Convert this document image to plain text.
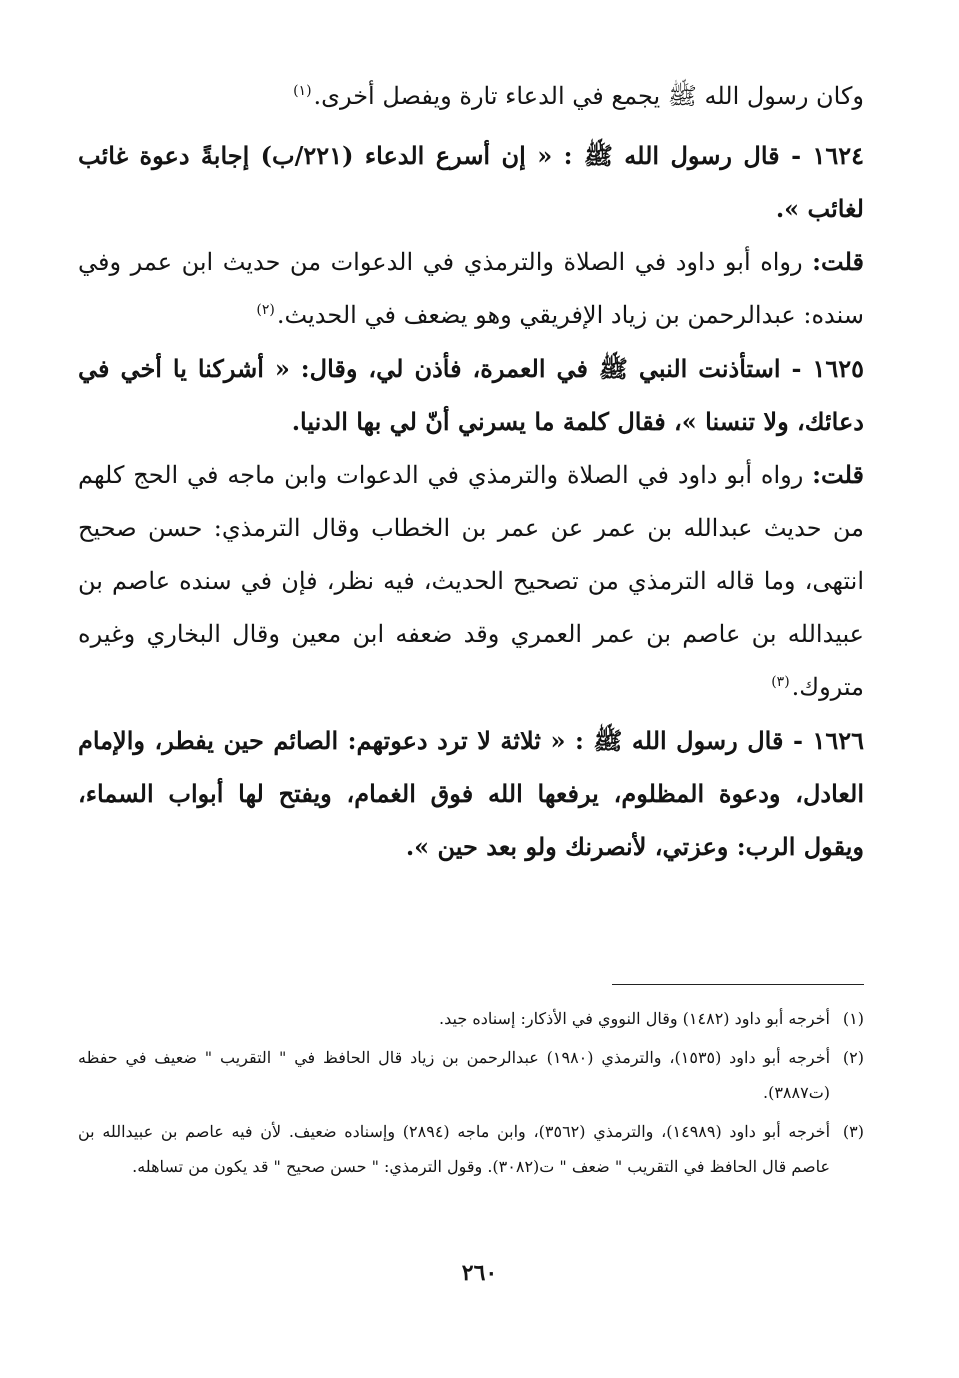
وكان رسول الله ﷺ يجمع في الدعاء تارة ويفصل أخرى.$^{(١)}$

١٦٢٤ - قال رسول الله ﷺ : « إن أسرع الدعاء (٢٢١/ب) إجابةً دعوة غائب لغائب ».

قلت: رواه أبو داود في الصلاة والترمذي في الدعوات من حديث ابن عمر وفي سنده: عبدالرحمن بن زياد الإفريقي وهو يضعف في الحديث.$^{(٢)}$

١٦٢٥ - استأذنت النبي ﷺ في العمرة، فأذن لي، وقال: « أشركنا يا أخي في دعائك، ولا تنسنا »، فقال كلمة ما يسرني أنّ لي بها الدنيا.

قلت: رواه أبو داود في الصلاة والترمذي في الدعوات وابن ماجه في الحج كلهم من حديث عبدالله بن عمر عن عمر بن الخطاب وقال الترمذي: حسن صحيح انتهى، وما قاله الترمذي من تصحيح الحديث، فيه نظر، فإن في سنده عاصم بن عبيدالله بن عاصم بن عمر العمري وقد ضعفه ابن معين وقال البخاري وغيره متروك.$^{(٣)}$

١٦٢٦ - قال رسول الله ﷺ : « ثلاثة لا ترد دعوتهم: الصائم حين يفطر، والإمام العادل، ودعوة المظلوم، يرفعها الله فوق الغمام، ويفتح لها أبواب السماء، ويقول الرب: وعزتي، لأنصرنك ولو بعد حين ».

(١)
أخرجه أبو داود (١٤٨٢) وقال النووي في الأذكار: إسناده جيد.

(٢)
أخرجه أبو داود (١٥٣٥)، والترمذي (١٩٨٠) عبدالرحمن بن زياد قال الحافظ في " التقريب " ضعيف في حفظه (ت٣٨٨٧).

(٣)
أخرجه أبو داود (١٤٩٨٩)، والترمذي (٣٥٦٢)، وابن ماجه (٢٨٩٤) وإسناده ضعيف. لأن فيه عاصم بن عبيدالله بن عاصم قال الحافظ في التقريب " ضعف " ت(٣٠٨٢). وقول الترمذي: " حسن صحيح " قد يكون من تساهله.

٢٦٠
